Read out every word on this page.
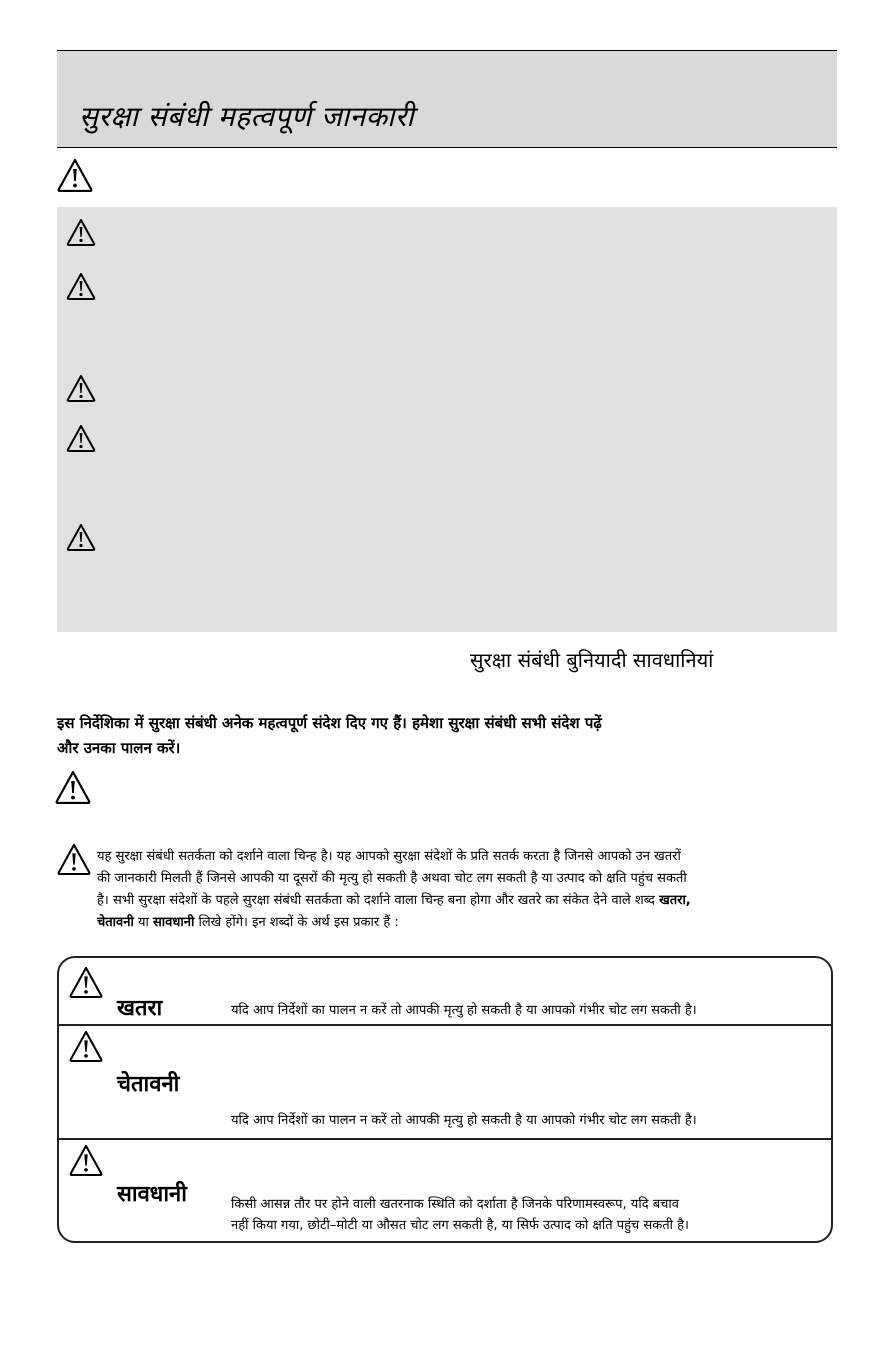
सुरक्षा संबंधी महत्वपूर्ण जानकारी
सुरक्षा संबंधी बुनियादी सावधानियां
इस निर्देशिका में सुरक्षा संबंधी अनेक महत्वपूर्ण संदेश दिए गए हैं। हमेशा सुरक्षा संबंधी सभी संदेश पढ़ें
और उनका पालन करें।
यह सुरक्षा संबंधी सतर्कता को दर्शाने वाला चिन्ह है। यह आपको सुरक्षा संदेशों के प्रति सतर्क करता है जिनसे आपको उन खतरों
की जानकारी मिलती हैं जिनसे आपकी या दूसरों की मृत्यु हो सकती है अथवा चोट लग सकती है या उत्पाद को क्षति पहुंच सकती
है। सभी सुरक्षा संदेशों के पहले सुरक्षा संबंधी सतर्कता को दर्शाने वाला चिन्ह बना होगा और खतरे का संकेत देने वाले शब्द खतरा,
चेतावनी या सावधानी लिखे होंगे। इन शब्दों के अर्थ इस प्रकार हैं :
खतरा	यदि आप निर्देशों का पालन न करें तो आपकी मृत्यु हो सकती है या आपको गंभीर चोट लग सकती है।
चेतावनी
यदि आप निर्देशों का पालन न करें तो आपकी मृत्यु हो सकती है या आपको गंभीर चोट लग सकती है।
सावधानी	किसी आसन्न तौर पर होने वाली खतरनाक स्थिति को दर्शाता है जिनके परिणामस्वरूप, यदि बचाव
नहीं किया गया, छोटी–मोटी या औसत चोट लग सकती है, या सिर्फ उत्पाद को क्षति पहुंच सकती है।
